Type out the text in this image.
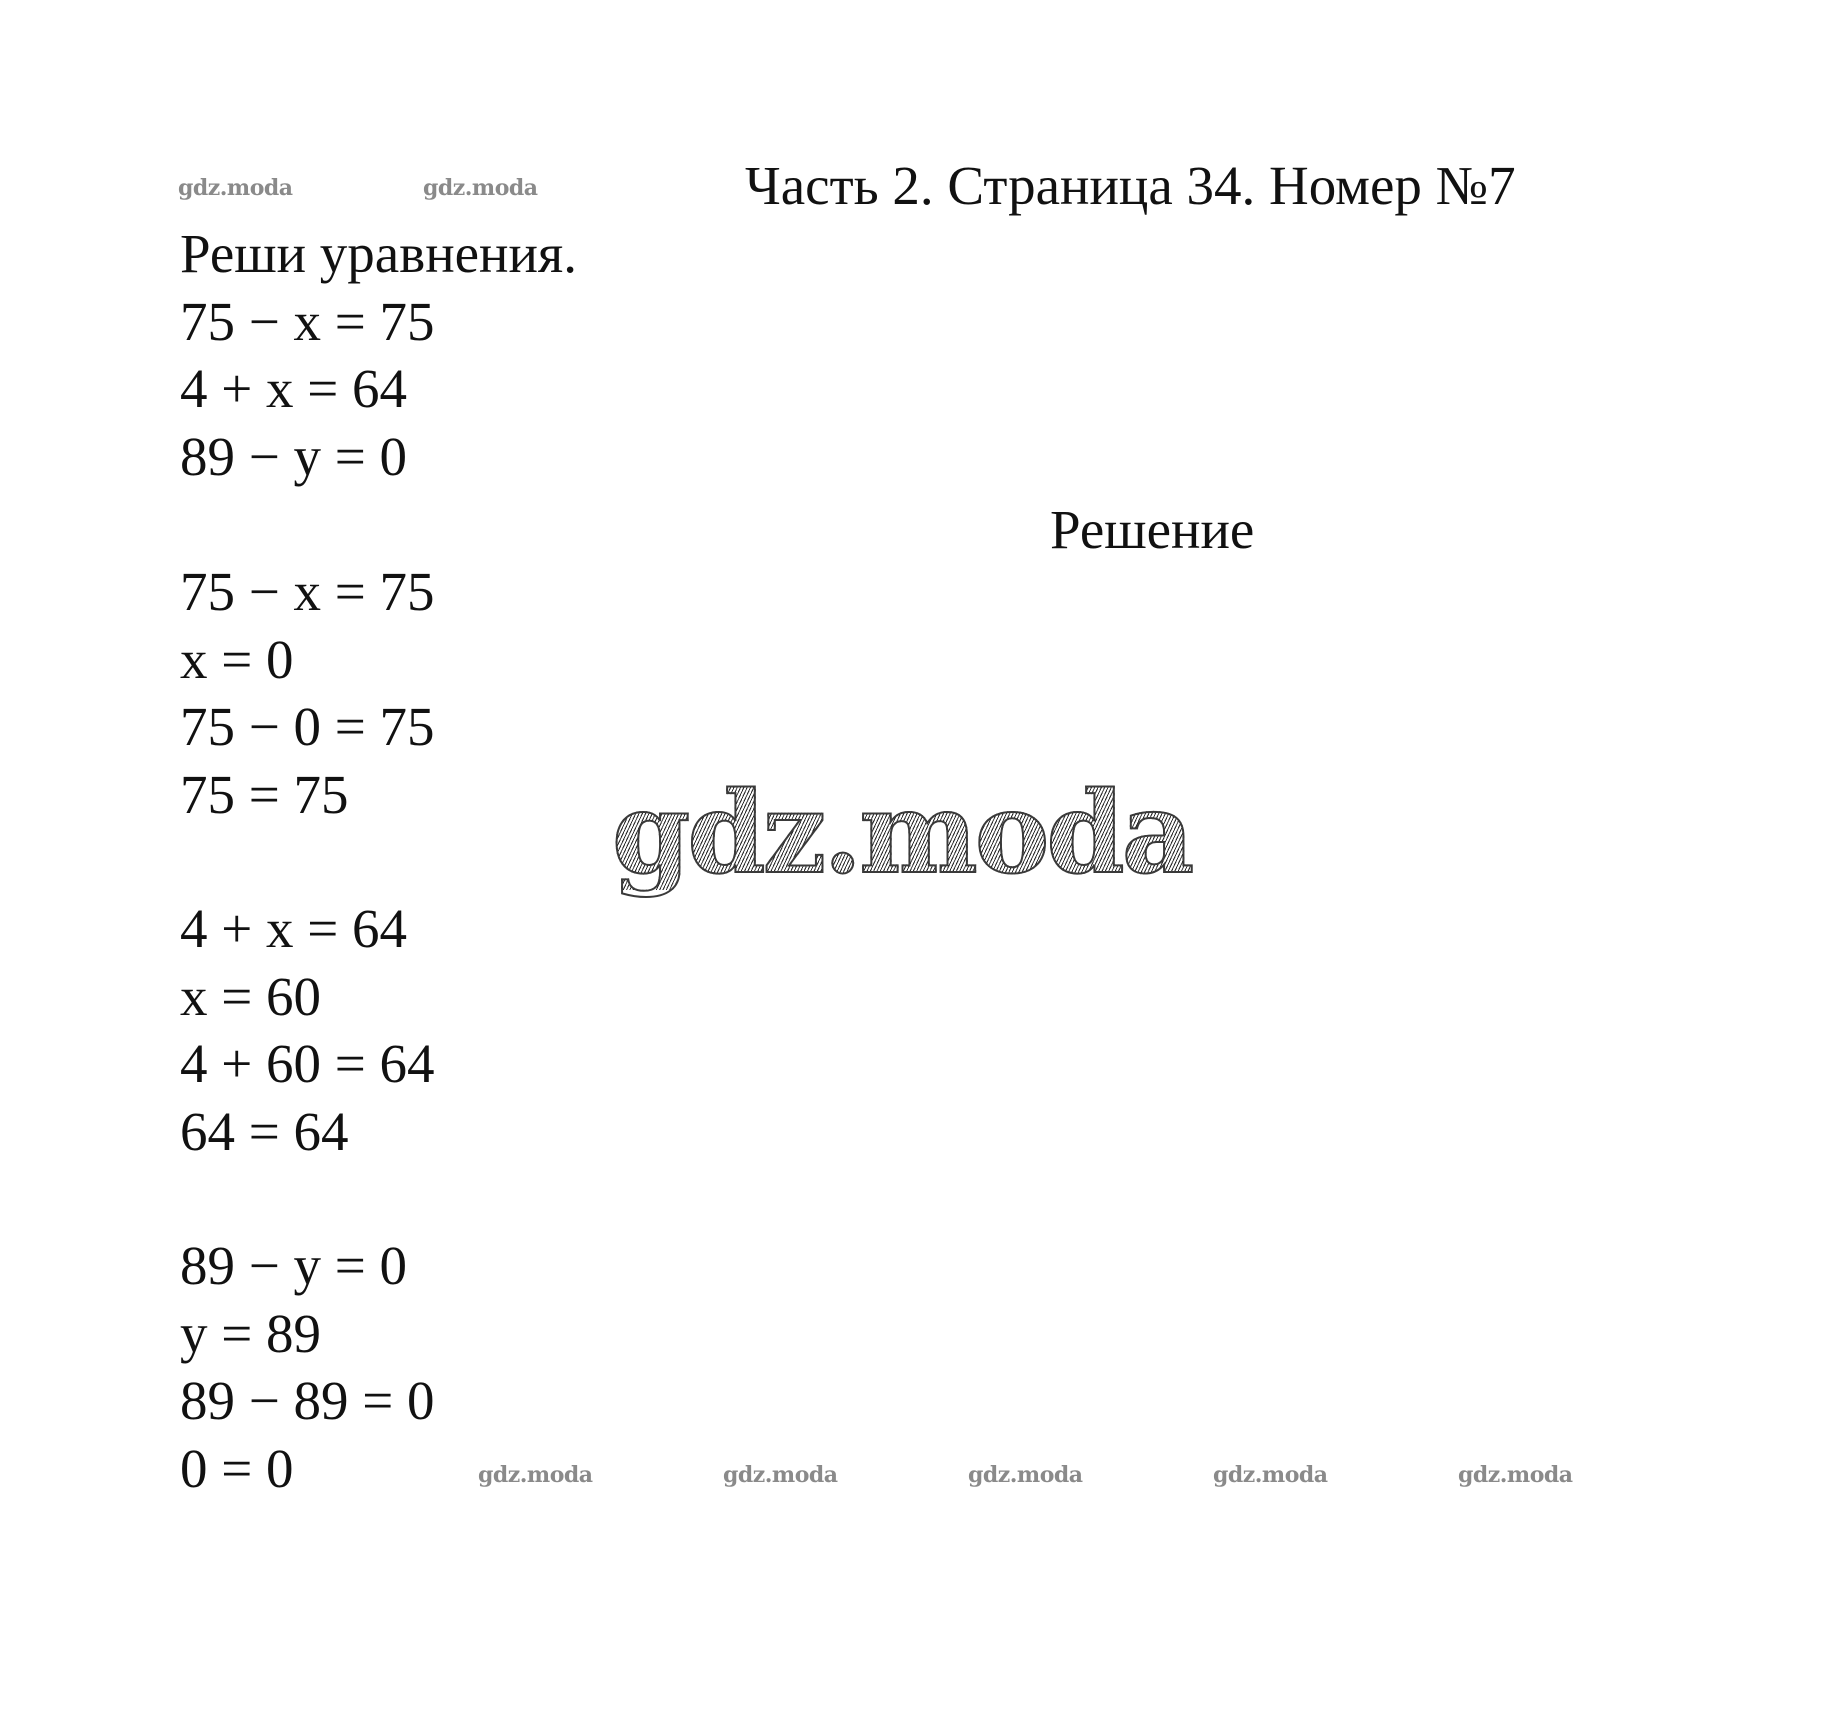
gdz.moda	gdz.moda	Часть 2. Страница 34. Номер №7
Реши уравнения.
75 − x = 75
4 + x = 64
89 − y = 0
Решение
75 − x = 75
x = 0
75 − 0 = 75
75 = 75 gdz.moda
4 + x = 64
x = 60
4 + 60 = 64
64 = 64
89 − y = 0
y = 89
89 − 89 = 0
0 = 0	gdz.moda	gdz.moda	gdz.moda	gdz.moda	gdz.moda
